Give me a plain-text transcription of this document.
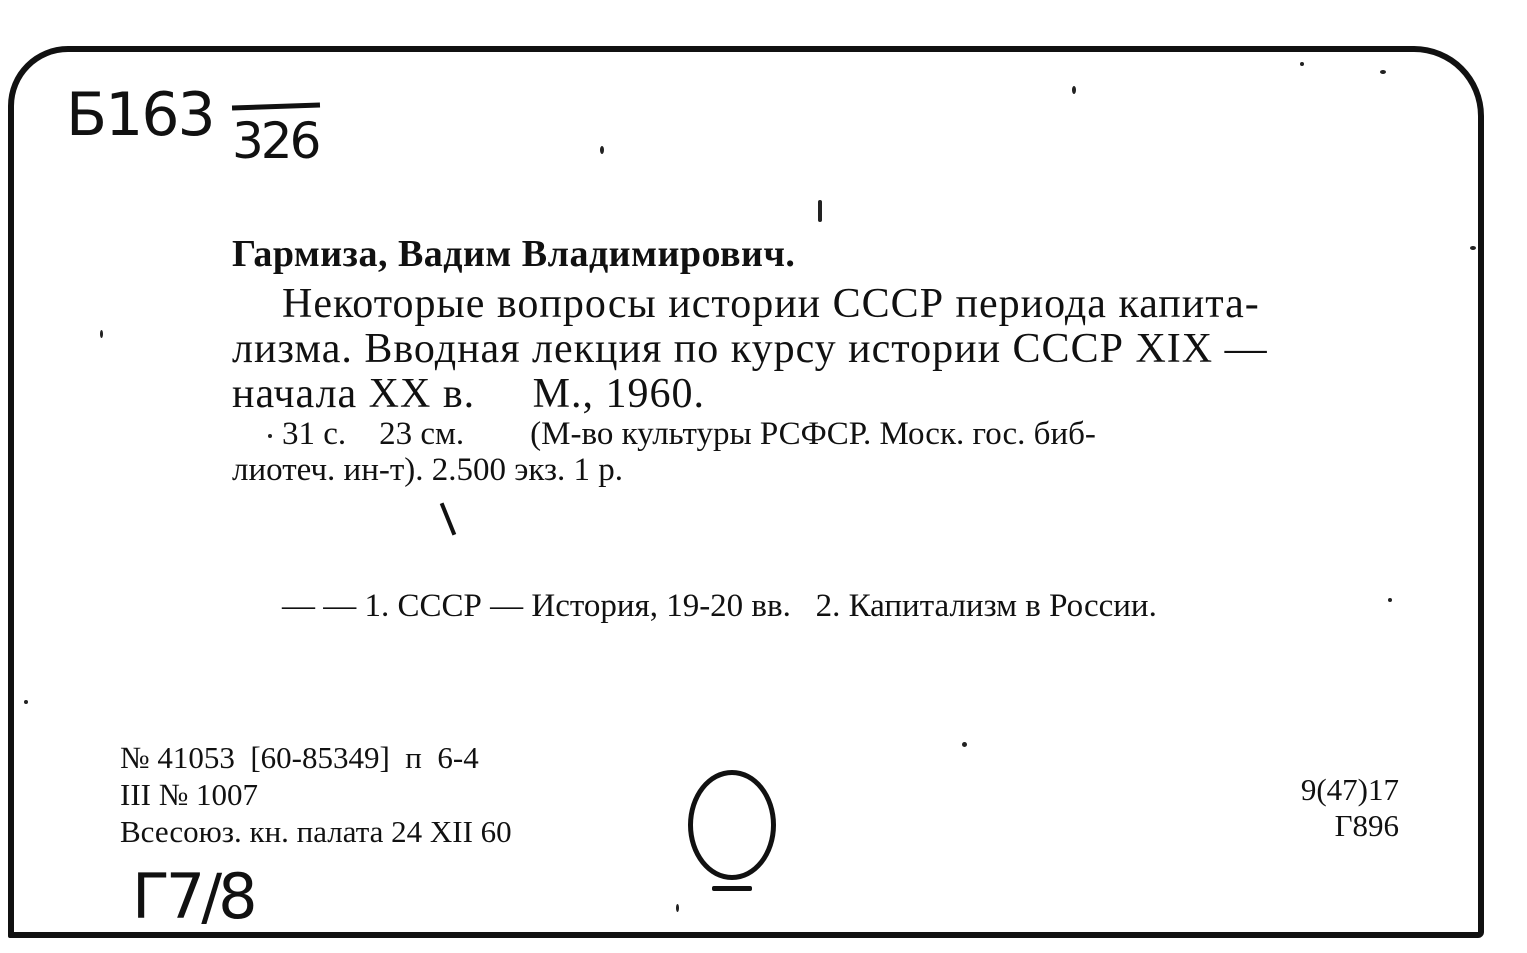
Б163 326
Гармиза, Вадим Владимирович.
Некоторые вопросы истории СССР периода капита-
лизма. Вводная лекция по курсу истории СССР XIX —
начала XX в.     М., 1960.
31 с.    23 см.        (М-во культуры РСФСР. Моск. гос. биб-
лиотеч. ин-т). 2.500 экз. 1 р.
— — 1. СССР — История, 19-20 вв.   2. Капитализм в России.
№ 41053  [60-85349]  п  6-4
III № 1007
Всесоюз. кн. палата 24 XII 60
9(47)17
Г896
Г7/8
